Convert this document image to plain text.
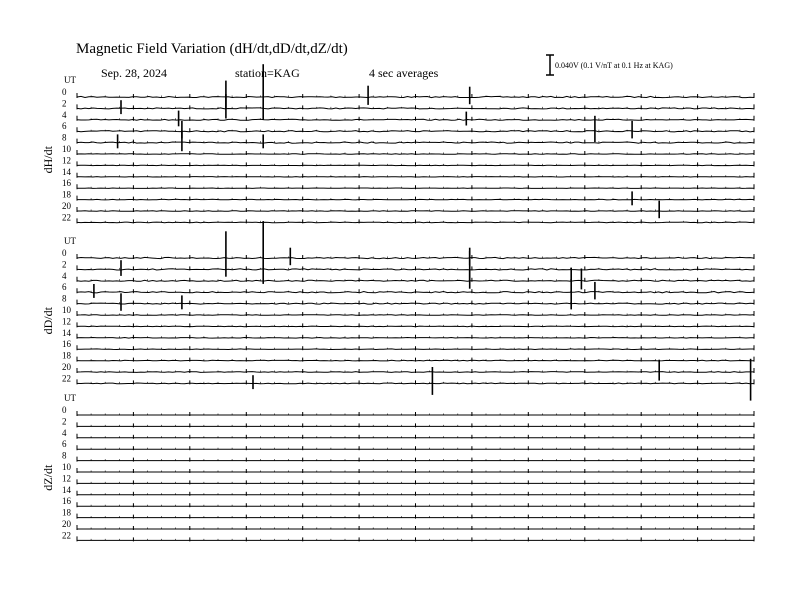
Magnetic Field Variation (dH/dt,dD/dt,dZ/dt)
Sep. 28, 2024	station=KAG	4 sec averages
0.040V (0.1 V/nT at 0.1 Hz at KAG)
UT
dH/dt
0
2
4
6
8
10
12
14
16
18
20
22
UT
dD/dt
0
2
4
6
8
10
12
14
16
18
20
22
UT
dZ/dt
0
2
4
6
8
10
12
14
16
18
20
22
